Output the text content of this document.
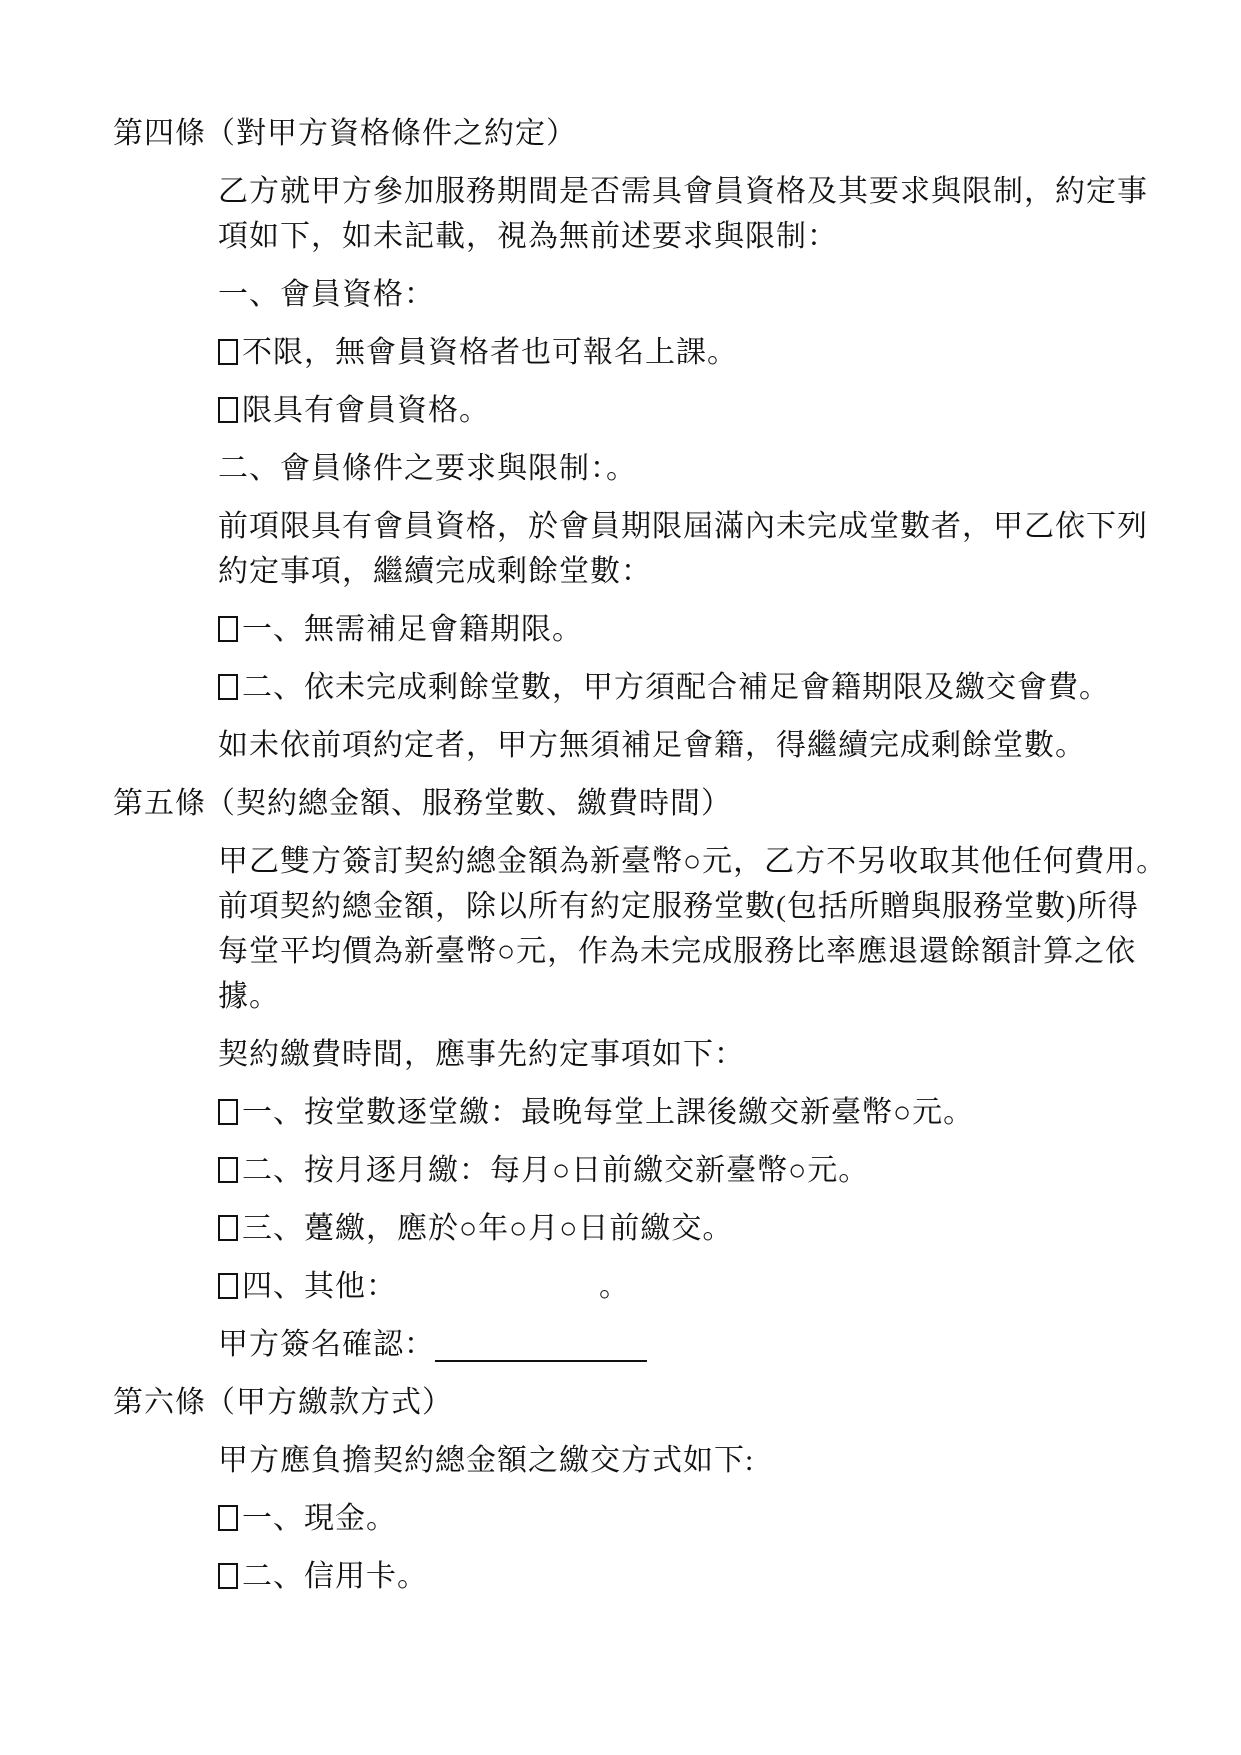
第四條 （對甲方資格條件之約定）
乙方就甲方參加服務期間是否需具會員資格及其要求與限制，約定事
項如下，如未記載，視為無前述要求與限制：
一、會員資格：
不限，無會員資格者也可報名上課。
限具有會員資格。
二、會員條件之要求與限制：。
前項限具有會員資格，於會員期限屆滿內未完成堂數者，甲乙依下列
約定事項，繼續完成剩餘堂數：
一、無需補足會籍期限。
二、依未完成剩餘堂數，甲方須配合補足會籍期限及繳交會費。
如未依前項約定者，甲方無須補足會籍，得繼續完成剩餘堂數。
第五條 （契約總金額、服務堂數、繳費時間）
甲乙雙方簽訂契約總金額為新臺幣○元，乙方不另收取其他任何費用。
前項契約總金額，除以所有約定服務堂數(包括所贈與服務堂數)所得
每堂平均價為新臺幣○元，作為未完成服務比率應退還餘額計算之依
據。
契約繳費時間，應事先約定事項如下：
一、按堂數逐堂繳：最晚每堂上課後繳交新臺幣○元。
二、按月逐月繳：每月○日前繳交新臺幣○元。
三、躉繳，應於○年○月○日前繳交。
四、其他：　　　　　　　。
甲方簽名確認：
第六條 （甲方繳款方式）
甲方應負擔契約總金額之繳交方式如下:
一、現金。
二、信用卡。
